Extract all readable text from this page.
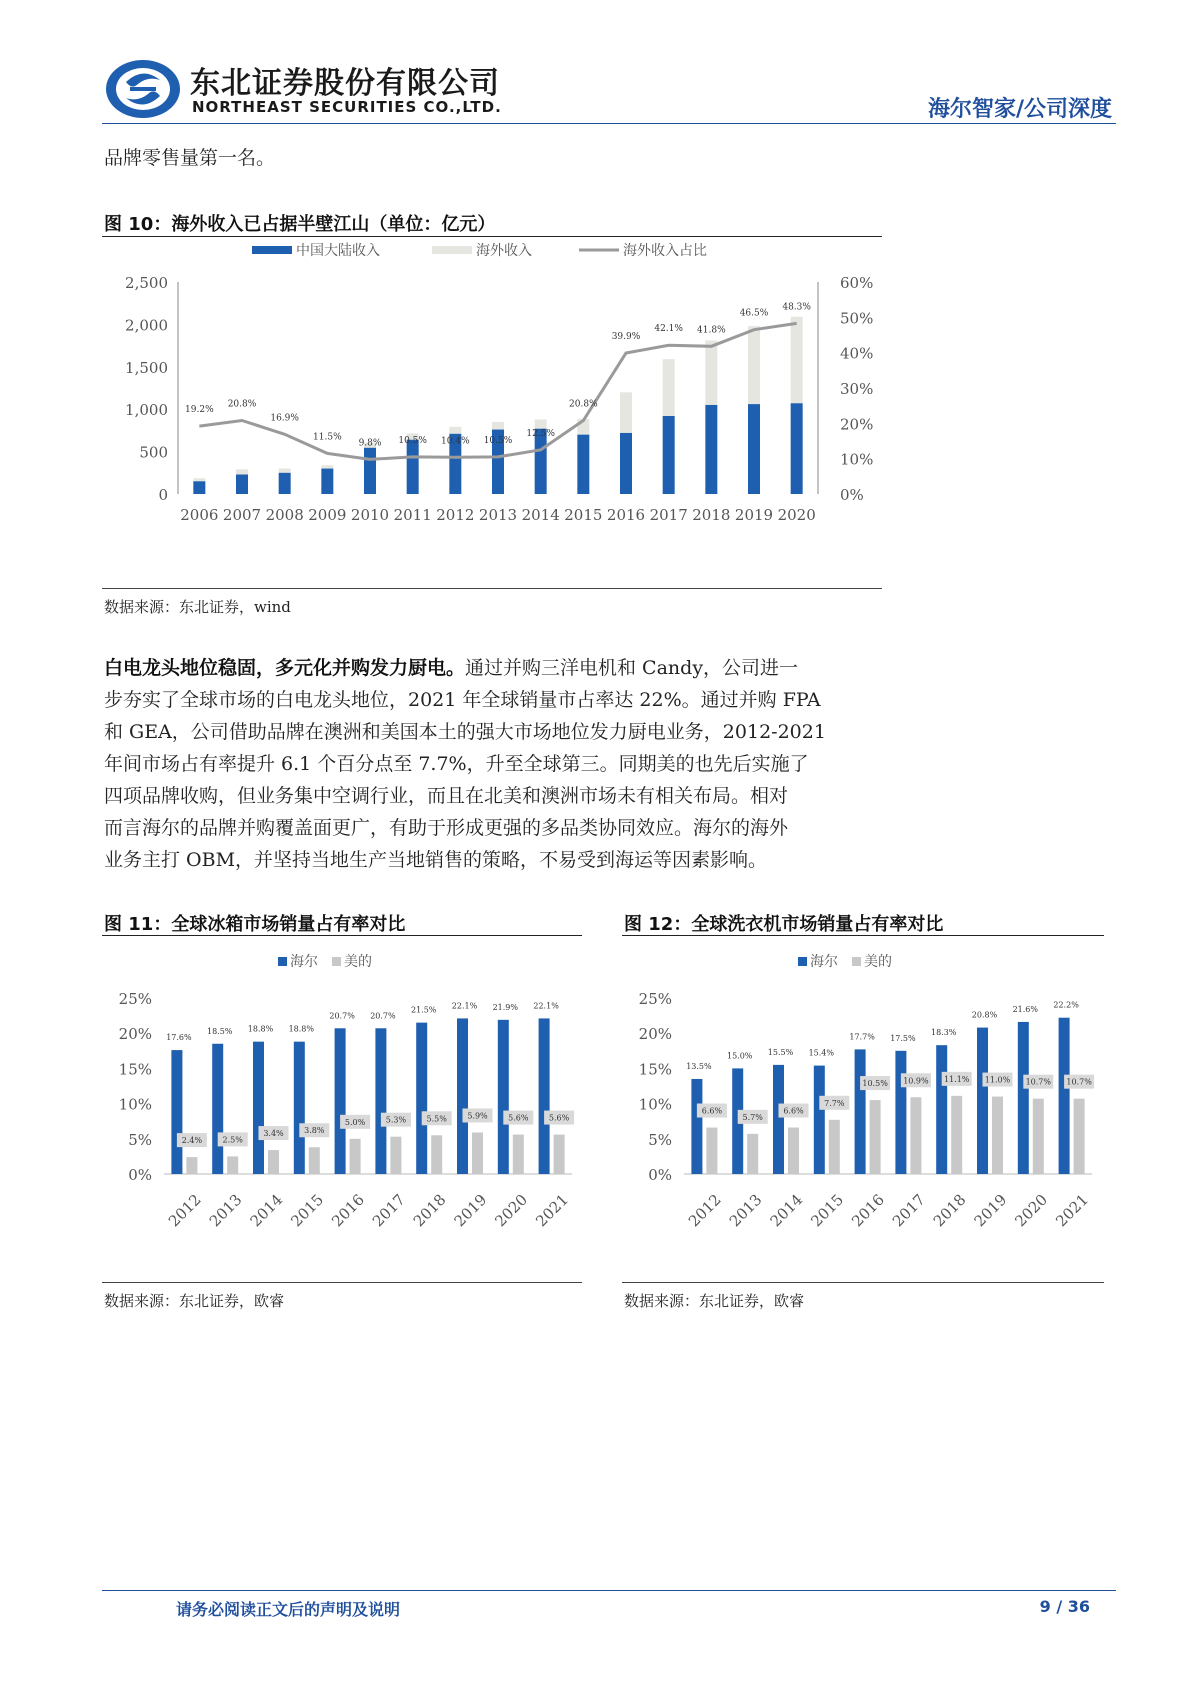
东北证券股份有限公司
NORTHEAST SECURITIES CO.,LTD.	海尔智家/公司深度
品牌零售量第一名。
图 10：海外收入已占据半壁江山（单位：亿元）
中国大陆收入	海外收入	海外收入占比
0
500
1,000
1,500
2,000
2,500
0%
10%
20%
30%
40%
50%
60%
2006 2007 2008 2009 2010 2011 2012 2013 2014 2015 2016 2017 2018 2019 2020
19.2%
20.8%
16.9%
11.5%
9.8% 10.5% 10.4% 10.5%
12.5%
20.8%
39.9%
42.1% 41.8%
46.5%
48.3%
数据来源：东北证券，wind
白电龙头地位稳固，多元化并购发力厨电。通过并购三洋电机和 Candy，公司进一
步夯实了全球市场的白电龙头地位，2021 年全球销量市占率达 22%。通过并购 FPA
和 GEA，公司借助品牌在澳洲和美国本土的强大市场地位发力厨电业务，2012-2021
年间市场占有率提升 6.1 个百分点至 7.7%，升至全球第三。同期美的也先后实施了
四项品牌收购，但业务集中空调行业，而且在北美和澳洲市场未有相关布局。相对
而言海尔的品牌并购覆盖面更广，有助于形成更强的多品类协同效应。海尔的海外
业务主打 OBM，并坚持当地生产当地销售的策略，不易受到海运等因素影响。
图 11：全球冰箱市场销量占有率对比
海尔 美的
0%
5%
10%
15%
20%
25%
17.6%
2.4%
2012
18.5%
2.5%
2013
18.8%
3.4%
2014
18.8%
3.8%
2015
20.7%
5.0%
2016
20.7%
5.3%
2017
21.5%
5.5%
2018
22.1%
5.9%
2019
21.9%
5.6%
2020
22.1%
5.6%
2021
数据来源：东北证券，欧睿
图 12：全球洗衣机市场销量占有率对比
海尔 美的
0%
5%
10%
15%
20%
25%
13.5%
6.6%
2012
15.0%
5.7%
2013
15.5%
6.6%
2014
15.4%
7.7%
2015
17.7%
10.5%
2016
17.5%
10.9%
2017
18.3%
11.1%
2018
20.8%
11.0%
2019
21.6%
10.7%
2020
22.2%
10.7%
2021
数据来源：东北证券，欧睿
请务必阅读正文后的声明及说明	9 / 36
